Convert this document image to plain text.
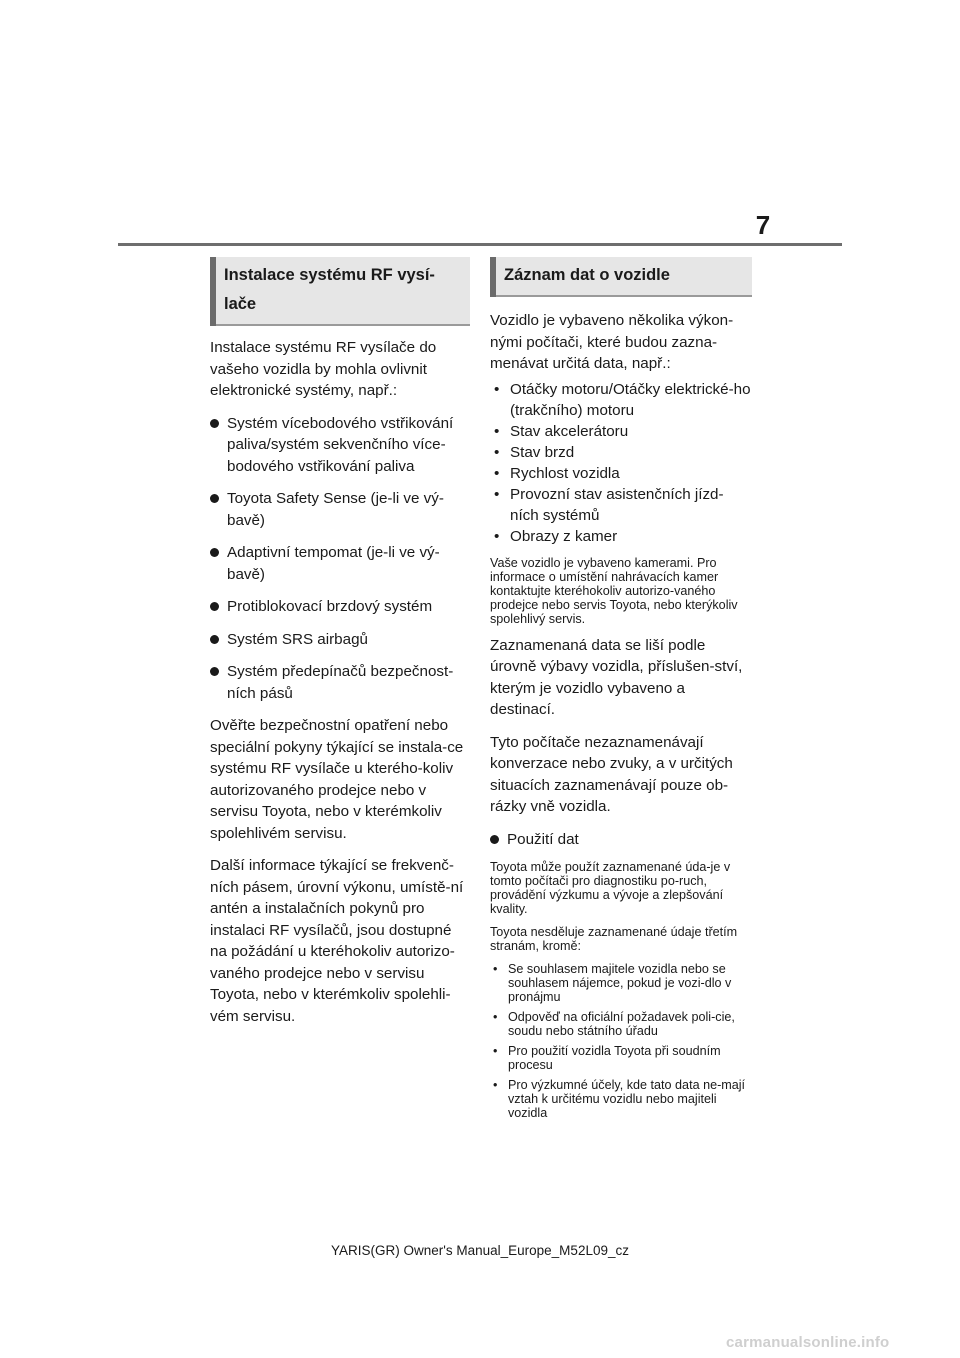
7
Instalace systému RF vysí-lače

Instalace systému RF vysílače do vašeho vozidla by mohla ovlivnit elektronické systémy, např.:

Systém vícebodového vstřikování paliva/systém sekvenčního více-bodového vstřikování paliva
Toyota Safety Sense (je-li ve vý-bavě)
Adaptivní tempomat (je-li ve vý-bavě)
Protiblokovací brzdový systém
Systém SRS airbagů
Systém předepínačů bezpečnost-ních pásů

Ověřte bezpečnostní opatření nebo speciální pokyny týkající se instala-ce systému RF vysílače u kterého-koliv autorizovaného prodejce nebo v servisu Toyota, nebo v kterémkoliv spolehlivém servisu.

Další informace týkající se frekvenč-ních pásem, úrovní výkonu, umístě-ní antén a instalačních pokynů pro instalaci RF vysílačů, jsou dostupné na požádání u kteréhokoliv autorizo-vaného prodejce nebo v servisu Toyota, nebo v kterémkoliv spolehli-vém servisu.

Záznam dat o vozidle

Vozidlo je vybaveno několika výkon-nými počítači, které budou zazna-menávat určitá data, např.:

• Otáčky motoru/Otáčky elektrické-ho (trakčního) motoru
• Stav akcelerátoru
• Stav brzd
• Rychlost vozidla
• Provozní stav asistenčních jízd-ních systémů
• Obrazy z kamer

Vaše vozidlo je vybaveno kamerami. Pro informace o umístění nahrávacích kamer kontaktujte kteréhokoliv autorizo-vaného prodejce nebo servis Toyota, nebo kterýkoliv spolehlivý servis.

Zaznamenaná data se liší podle úrovně výbavy vozidla, příslušen-ství, kterým je vozidlo vybaveno a destinací.

Tyto počítače nezaznamenávají konverzace nebo zvuky, a v určitých situacích zaznamenávají pouze ob-rázky vně vozidla.

Použití dat

Toyota může použít zaznamenané úda-je v tomto počítači pro diagnostiku po-ruch, provádění výzkumu a vývoje a zlepšování kvality.

Toyota nesděluje zaznamenané údaje třetím stranám, kromě:

• Se souhlasem majitele vozidla nebo se souhlasem nájemce, pokud je vozi-dlo v pronájmu
• Odpověď na oficiální požadavek poli-cie, soudu nebo státního úřadu
• Pro použití vozidla Toyota při soudním procesu
• Pro výzkumné účely, kde tato data ne-mají vztah k určitému vozidlu nebo majiteli vozidla
YARIS(GR) Owner's Manual_Europe_M52L09_cz
carmanualsonline.info
